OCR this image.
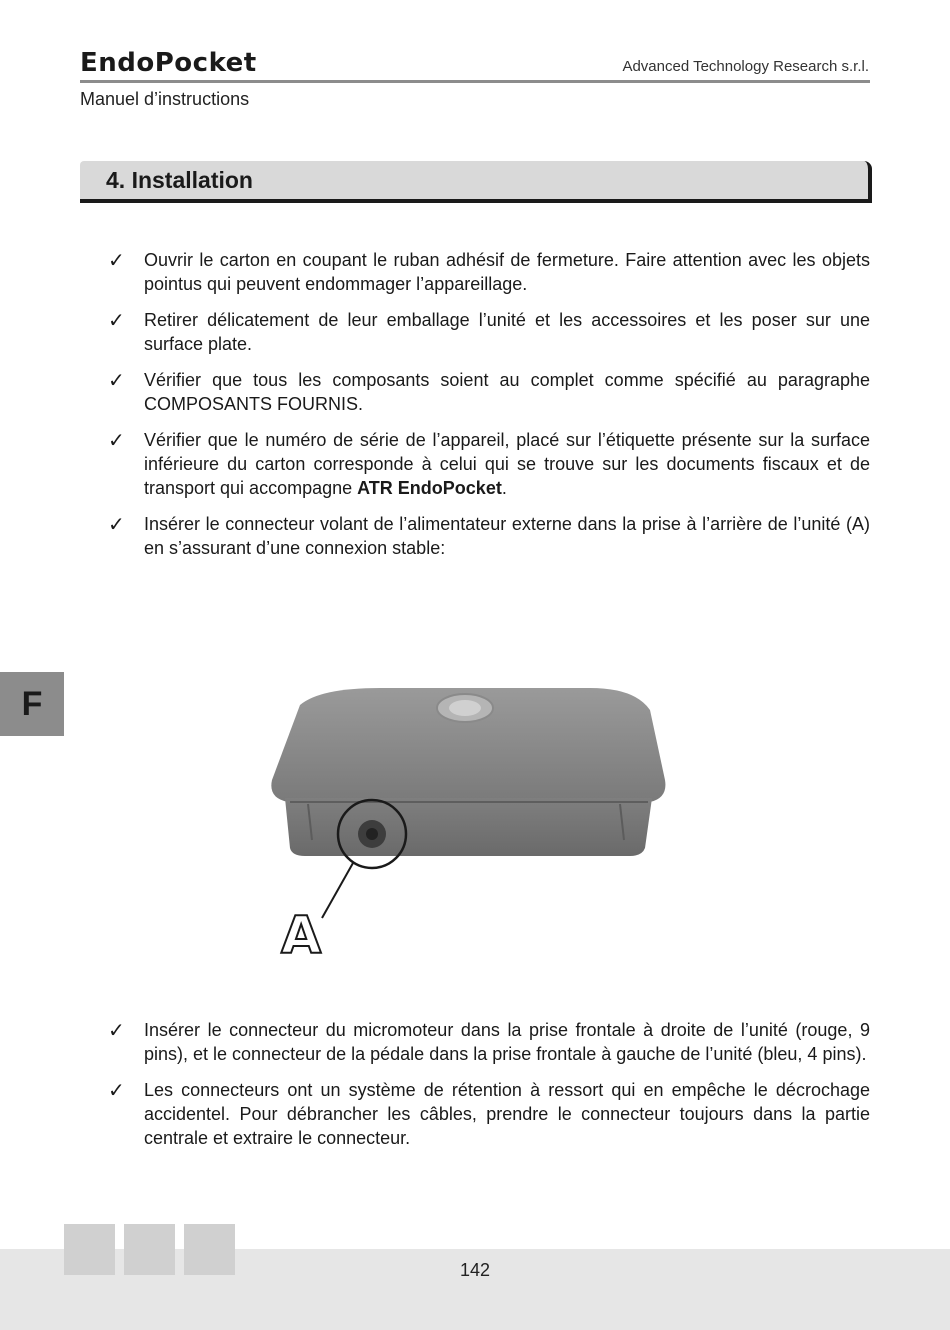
EndoPocket	Advanced Technology Research s.r.l.
Manuel d’instructions
4. Installation
✓ Ouvrir le carton en coupant le ruban adhésif de fermeture. Faire attention avec les objets pointus qui peuvent endommager l’appareillage.
✓ Retirer délicatement de leur emballage l’unité et les accessoires et les poser sur une surface plate.
✓ Vérifier que tous les composants soient au complet comme spécifié au paragraphe COMPOSANTS FOURNIS.
✓ Vérifier que le numéro de série de l’appareil, placé sur l’étiquette présente sur la surface inférieure du carton corresponde à celui qui se trouve sur les documents fiscaux et de transport qui accompagne ATR EndoPocket.
✓ Insérer le connecteur volant de l’alimentateur externe dans la prise à l’arrière de l’unité (A) en s’assurant d’une connexion stable:
F
A
✓ Insérer le connecteur du micromoteur dans la prise frontale à droite de l’unité (rouge, 9 pins), et le connecteur de la pédale dans la prise frontale à gauche de l’unité (bleu, 4 pins).
✓ Les connecteurs ont un système de rétention à ressort qui en empêche le décrochage accidentel. Pour débrancher les câbles, prendre le connecteur toujours dans la partie centrale et extraire le connecteur.
142
